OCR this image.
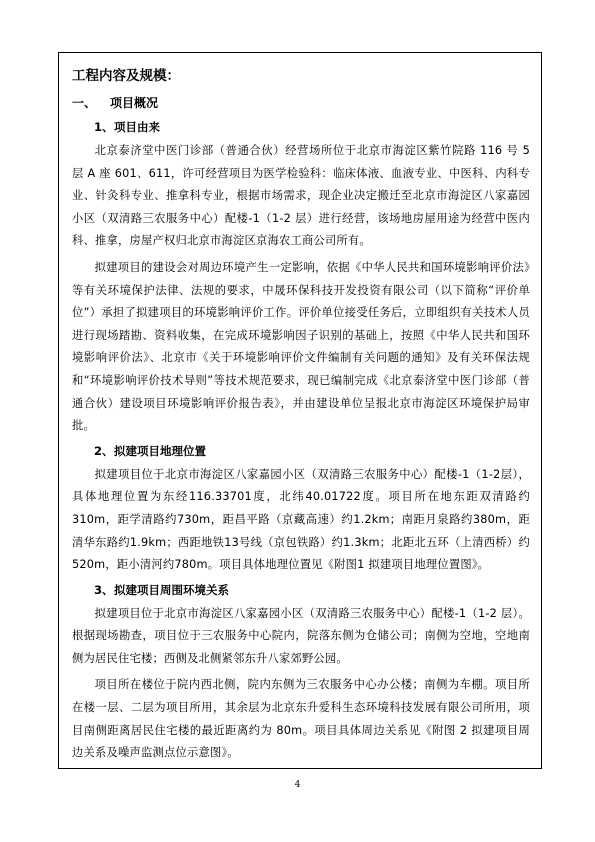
工程内容及规模：
一、 项目概况
1、项目由来

北京泰济堂中医门诊部（普通合伙）经营场所位于北京市海淀区紫竹院路 116 号 5 层 A 座 601、611，许可经营项目为医学检验科：临床体液、血液专业、中医科、内科专业、针灸科专业、推拿科专业，根据市场需求，现企业决定搬迁至北京市海淀区八家嘉园小区（双清路三农服务中心）配楼-1（1-2 层）进行经营，该场地房屋用途为经营中医内科、推拿，房屋产权归北京市海淀区京海农工商公司所有。

拟建项目的建设会对周边环境产生一定影响，依据《中华人民共和国环境影响评价法》等有关环境保护法律、法规的要求，中晟环保科技开发投资有限公司（以下简称“评价单位”）承担了拟建项目的环境影响评价工作。评价单位接受任务后，立即组织有关技术人员进行现场踏勘、资料收集，在完成环境影响因子识别的基础上，按照《中华人民共和国环境影响评价法》、北京市《关于环境影响评价文件编制有关问题的通知》及有关环保法规和“环境影响评价技术导则”等技术规范要求，现已编制完成《北京泰济堂中医门诊部（普通合伙）建设项目环境影响评价报告表》，并由建设单位呈报北京市海淀区环境保护局审批。

2、拟建项目地理位置

拟建项目位于北京市海淀区八家嘉园小区（双清路三农服务中心）配楼-1（1-2层），具体地理位置为东经116.33701度，北纬40.01722度。项目所在地东距双清路约310m，距学清路约730m，距昌平路（京藏高速）约1.2km；南距月泉路约380m，距清华东路约1.9km；西距地铁13号线（京包铁路）约1.3km；北距北五环（上清西桥）约520m，距小清河约780m。项目具体地理位置见《附图1 拟建项目地理位置图》。

3、拟建项目周围环境关系

拟建项目位于北京市海淀区八家嘉园小区（双清路三农服务中心）配楼-1（1-2 层）。根据现场勘查，项目位于三农服务中心院内，院落东侧为仓储公司；南侧为空地，空地南侧为居民住宅楼；西侧及北侧紧邻东升八家郊野公园。

项目所在楼位于院内西北侧，院内东侧为三农服务中心办公楼；南侧为车棚。项目所在楼一层、二层为项目所用，其余层为北京东升爱科生态环境科技发展有限公司所用，项目南侧距离居民住宅楼的最近距离约为 80m。项目具体周边关系见《附图 2 拟建项目周边关系及噪声监测点位示意图》。

4
